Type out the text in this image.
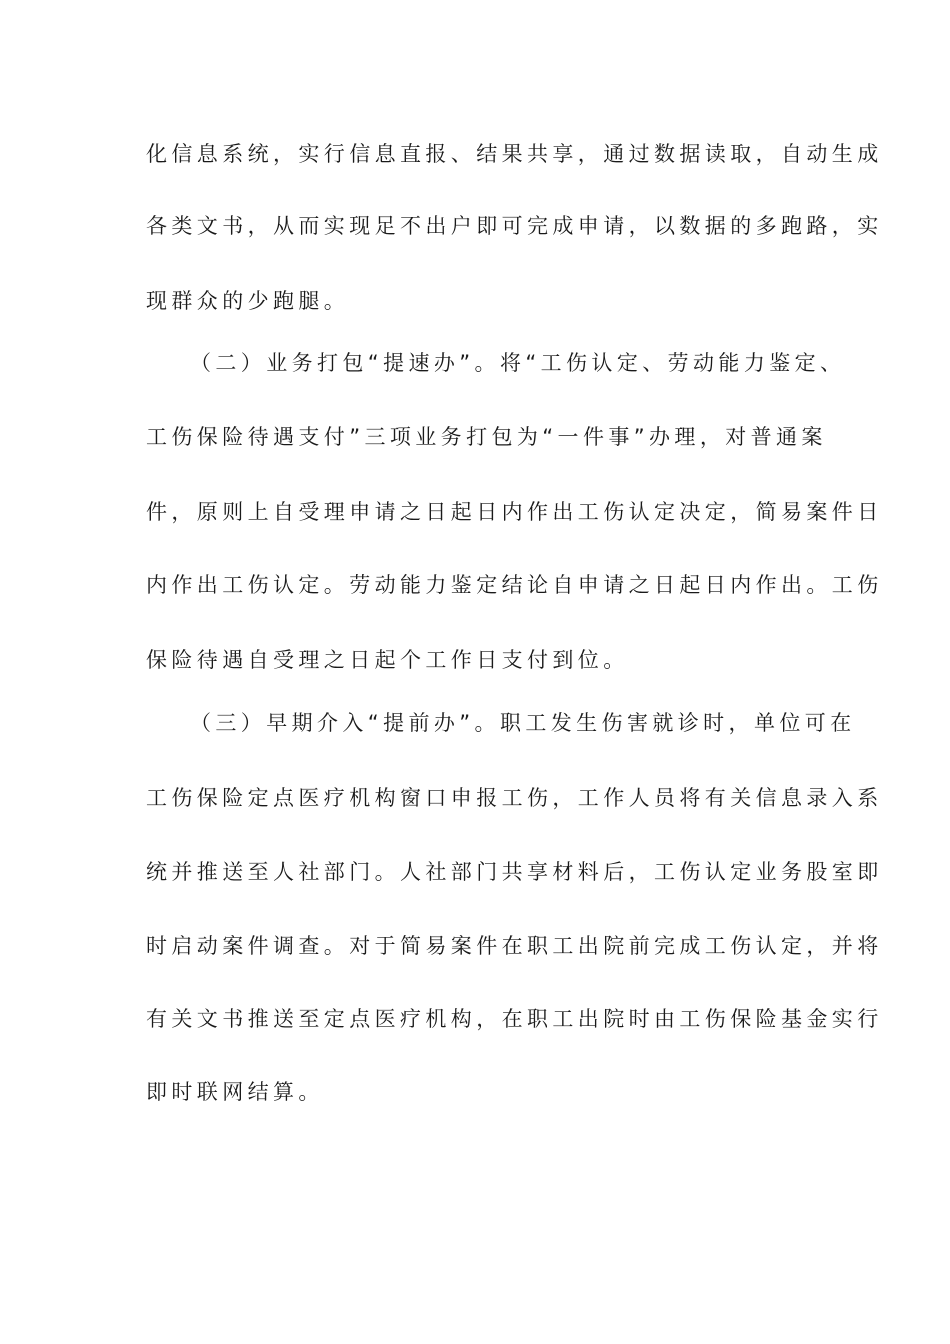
化信息系统，实行信息直报、结果共享，通过数据读取，自动生成
各类文书，从而实现足不出户即可完成申请，以数据的多跑路，实
现群众的少跑腿。
（二）业务打包“提速办”。将“工伤认定、劳动能力鉴定、
工伤保险待遇支付”三项业务打包为“一件事”办理，对普通案
件，原则上自受理申请之日起日内作出工伤认定决定，简易案件日
内作出工伤认定。劳动能力鉴定结论自申请之日起日内作出。工伤
保险待遇自受理之日起个工作日支付到位。
（三）早期介入“提前办”。职工发生伤害就诊时，单位可在
工伤保险定点医疗机构窗口申报工伤，工作人员将有关信息录入系
统并推送至人社部门。人社部门共享材料后，工伤认定业务股室即
时启动案件调查。对于简易案件在职工出院前完成工伤认定，并将
有关文书推送至定点医疗机构，在职工出院时由工伤保险基金实行
即时联网结算。
